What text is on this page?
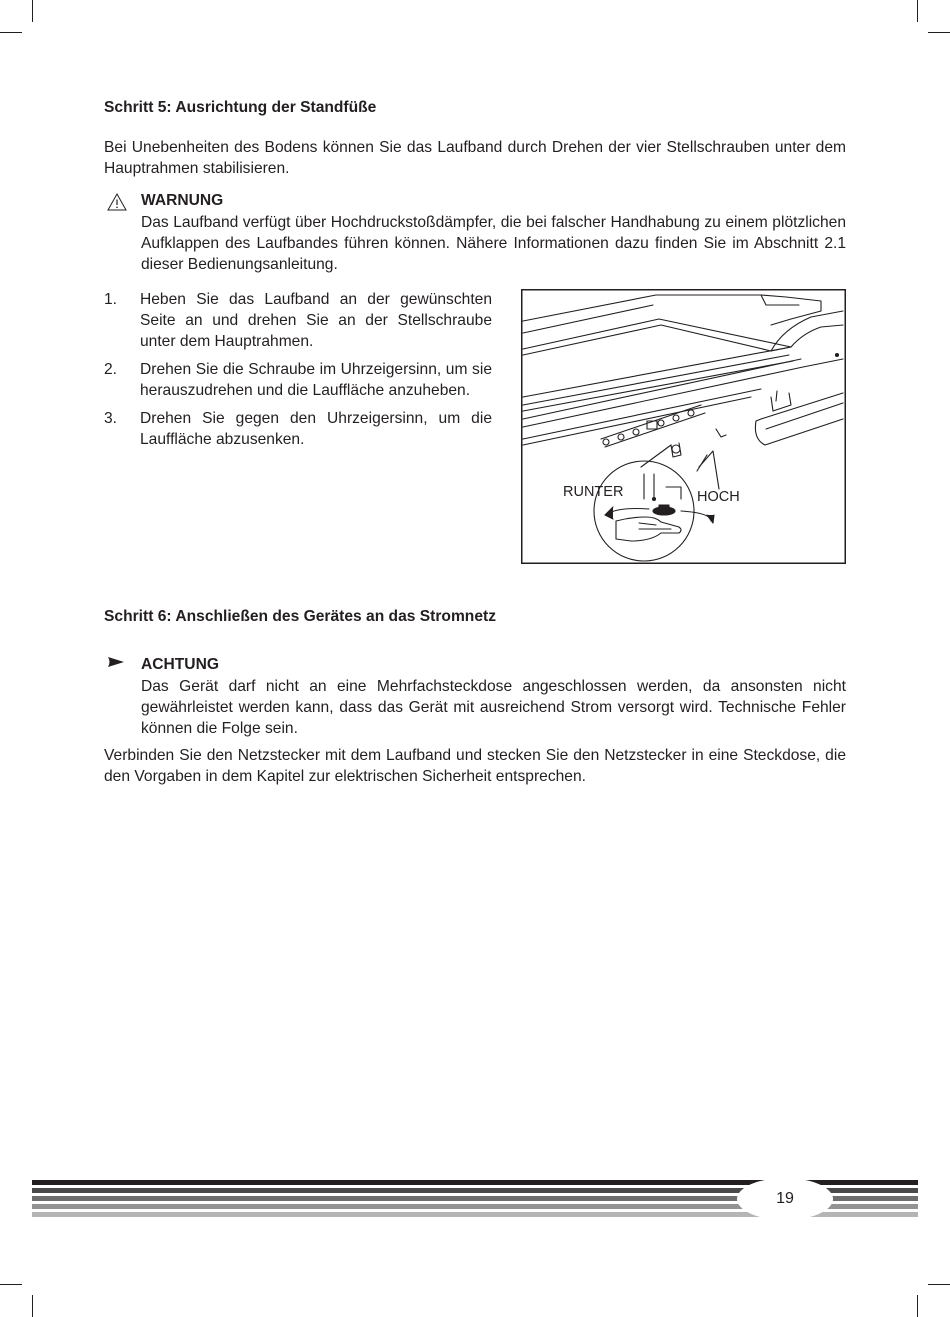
Schritt 5: Ausrichtung der Standfüße
Bei Unebenheiten des Bodens können Sie das Laufband durch Drehen der vier Stellschrauben unter dem Hauptrahmen stabilisieren.
WARNUNG
Das Laufband verfügt über Hochdruckstoßdämpfer, die bei falscher Handhabung zu einem plötzlichen Aufklappen des Laufbandes führen können. Nähere Informationen dazu finden Sie im Abschnitt 2.1 dieser Bedienungsanleitung.
1.	Heben Sie das Laufband an der gewünschten Seite an und drehen Sie an der Stellschraube unter dem Hauptrahmen.
2.	Drehen Sie die Schraube im Uhrzeigersinn, um sie herauszudrehen und die Lauffläche anzuheben.
3.	Drehen Sie gegen den Uhrzeigersinn, um die Lauffläche abzusenken.
RUNTER	HOCH
Schritt 6: Anschließen des Gerätes an das Stromnetz
ACHTUNG
Das Gerät darf nicht an eine Mehrfachsteckdose angeschlossen werden, da ansonsten nicht gewährleistet werden kann, dass das Gerät mit ausreichend Strom versorgt wird. Technische Fehler können die Folge sein.
Verbinden Sie den Netzstecker mit dem Laufband und stecken Sie den Netzstecker in eine Steckdose, die den Vorgaben in dem Kapitel zur elektrischen Sicherheit entsprechen.
19
